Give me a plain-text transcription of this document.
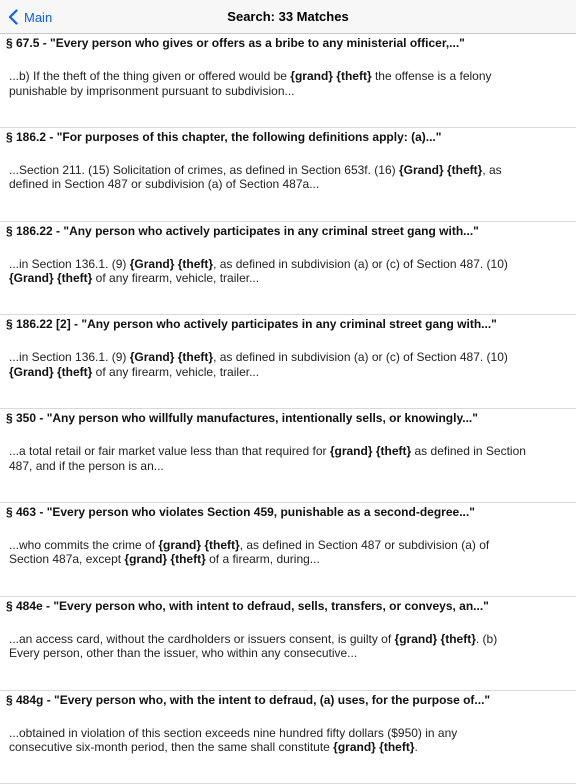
Main	Search: 33 Matches
§ 67.5 - "Every person who gives or offers as a bribe to any ministerial officer,..."
...b) If the theft of the thing given or offered would be {grand} {theft} the offense is a felony
punishable by imprisonment pursuant to subdivision...
§ 186.2 - "For purposes of this chapter, the following definitions apply: (a)..."
...Section 211. (15) Solicitation of crimes, as defined in Section 653f. (16) {Grand} {theft}, as
defined in Section 487 or subdivision (a) of Section 487a...
§ 186.22 - "Any person who actively participates in any criminal street gang with..."
...in Section 136.1. (9) {Grand} {theft}, as defined in subdivision (a) or (c) of Section 487. (10)
{Grand} {theft} of any firearm, vehicle, trailer...
§ 186.22 [2] - "Any person who actively participates in any criminal street gang with..."
...in Section 136.1. (9) {Grand} {theft}, as defined in subdivision (a) or (c) of Section 487. (10)
{Grand} {theft} of any firearm, vehicle, trailer...
§ 350 - "Any person who willfully manufactures, intentionally sells, or knowingly..."
...a total retail or fair market value less than that required for {grand} {theft} as defined in Section
487, and if the person is an...
§ 463 - "Every person who violates Section 459, punishable as a second-degree..."
...who commits the crime of {grand} {theft}, as defined in Section 487 or subdivision (a) of
Section 487a, except {grand} {theft} of a firearm, during...
§ 484e - "Every person who, with intent to defraud, sells, transfers, or conveys, an..."
...an access card, without the cardholders or issuers consent, is guilty of {grand} {theft}. (b)
Every person, other than the issuer, who within any consecutive...
§ 484g - "Every person who, with the intent to defraud, (a) uses, for the purpose of..."
...obtained in violation of this section exceeds nine hundred fifty dollars ($950) in any
consecutive six-month period, then the same shall constitute {grand} {theft}.
